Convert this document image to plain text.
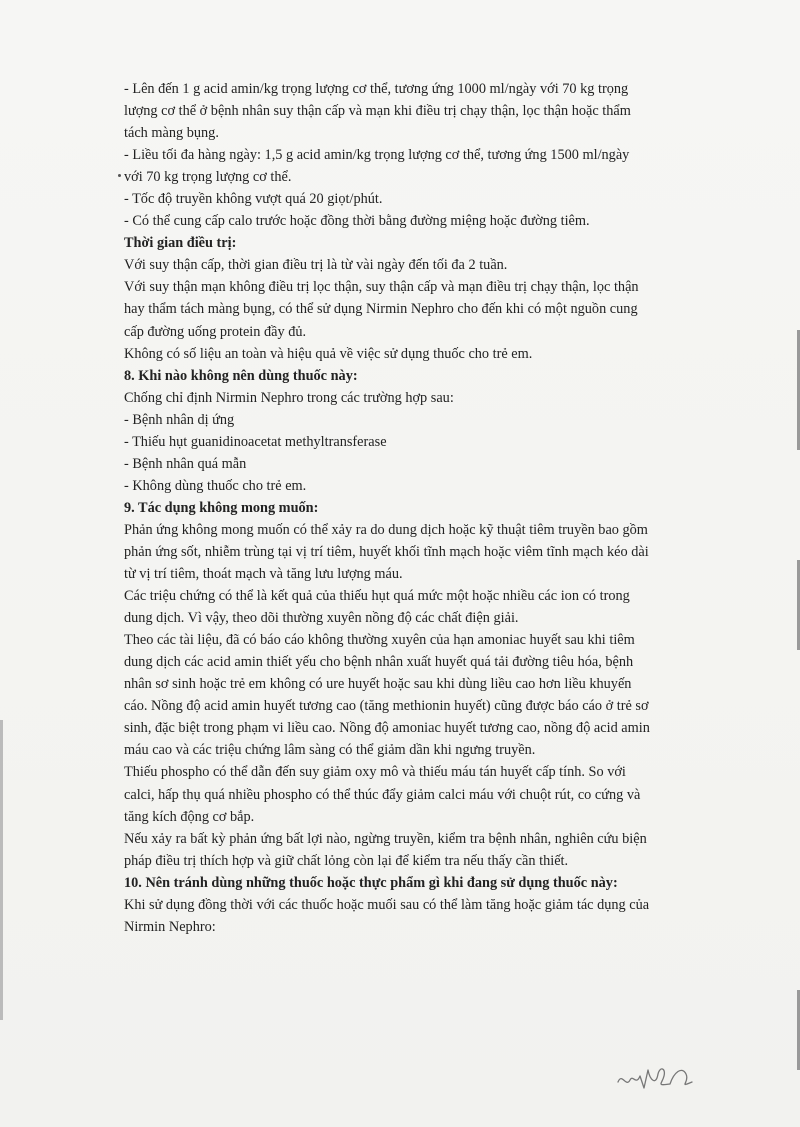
- Lên đến 1 g acid amin/kg trọng lượng cơ thể, tương ứng 1000 ml/ngày với 70 kg trọng
lượng cơ thể ở bệnh nhân suy thận cấp và mạn khi điều trị chạy thận, lọc thận hoặc thẩm
tách màng bụng.
- Liều tối đa hàng ngày: 1,5 g acid amin/kg trọng lượng cơ thể, tương ứng 1500 ml/ngày
với 70 kg trọng lượng cơ thể.
- Tốc độ truyền không vượt quá 20 giọt/phút.
- Có thể cung cấp calo trước hoặc đồng thời bằng đường miệng hoặc đường tiêm.
Thời gian điều trị:
Với suy thận cấp, thời gian điều trị là từ vài ngày đến tối đa 2 tuần.
Với suy thận mạn không điều trị lọc thận, suy thận cấp và mạn điều trị chạy thận, lọc thận
hay thẩm tách màng bụng, có thể sử dụng Nirmin Nephro cho đến khi có một nguồn cung
cấp đường uống protein đầy đủ.
Không có số liệu an toàn và hiệu quả về việc sử dụng thuốc cho trẻ em.
8. Khi nào không nên dùng thuốc này:
Chống chỉ định Nirmin Nephro trong các trường hợp sau:
- Bệnh nhân dị ứng
- Thiếu hụt guanidinoacetat methyltransferase
- Bệnh nhân quá mẫn
- Không dùng thuốc cho trẻ em.
9. Tác dụng không mong muốn:
Phản ứng không mong muốn có thể xảy ra do dung dịch hoặc kỹ thuật tiêm truyền bao gồm
phản ứng sốt, nhiễm trùng tại vị trí tiêm, huyết khối tĩnh mạch hoặc viêm tĩnh mạch kéo dài
từ vị trí tiêm, thoát mạch và tăng lưu lượng máu.
Các triệu chứng có thể là kết quả của thiếu hụt quá mức một hoặc nhiều các ion có trong
dung dịch. Vì vậy, theo dõi thường xuyên nồng độ các chất điện giải.
Theo các tài liệu, đã có báo cáo không thường xuyên của hạn amoniac huyết sau khi tiêm
dung dịch các acid amin thiết yếu cho bệnh nhân xuất huyết quá tải đường tiêu hóa, bệnh
nhân sơ sinh hoặc trẻ em không có ure huyết hoặc sau khi dùng liều cao hơn liều khuyến
cáo. Nồng độ acid amin huyết tương cao (tăng methionin huyết) cũng được báo cáo ở trẻ sơ
sinh, đặc biệt trong phạm vi liều cao. Nồng độ amoniac huyết tương cao, nồng độ acid amin
máu cao và các triệu chứng lâm sàng có thể giảm dần khi ngưng truyền.
Thiếu phospho có thể dẫn đến suy giảm oxy mô và thiếu máu tán huyết cấp tính. So với
calci, hấp thụ quá nhiều phospho có thể thúc đẩy giảm calci máu với chuột rút, co cứng và
tăng kích động cơ bắp.
Nếu xảy ra bất kỳ phản ứng bất lợi nào, ngừng truyền, kiểm tra bệnh nhân, nghiên cứu biện
pháp điều trị thích hợp và giữ chất lỏng còn lại để kiểm tra nếu thấy cần thiết.
10. Nên tránh dùng những thuốc hoặc thực phẩm gì khi đang sử dụng thuốc này:
Khi sử dụng đồng thời với các thuốc hoặc muối sau có thể làm tăng hoặc giảm tác dụng của
Nirmin Nephro:
